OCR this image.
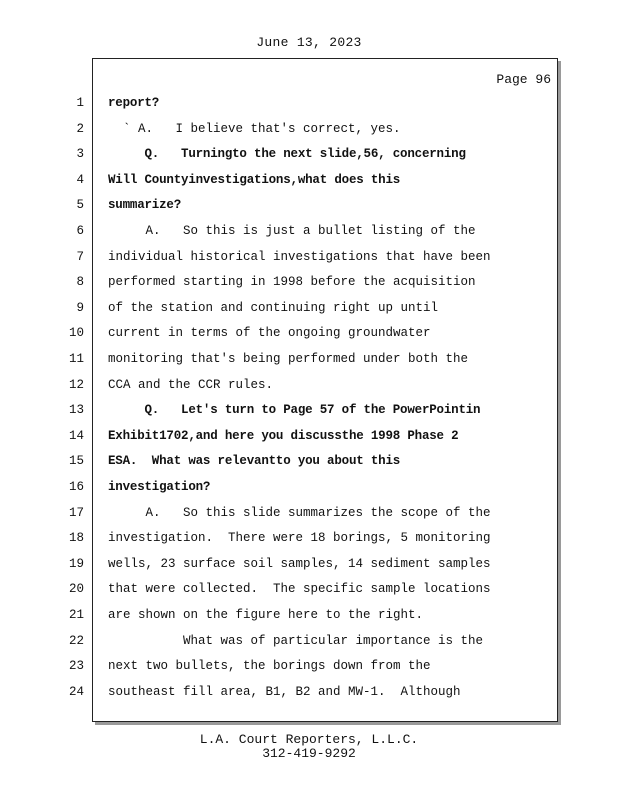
June 13, 2023
Page 96
1 report?
2 ` A.   I believe that's correct, yes.
3 Q.   Turningto the next slide,56, concerning
4 Will Countyinvestigations,what does this
5 summarize?
6 A.   So this is just a bullet listing of the
7 individual historical investigations that have been
8 performed starting in 1998 before the acquisition
9 of the station and continuing right up until
10 current in terms of the ongoing groundwater
11 monitoring that's being performed under both the
12 CCA and the CCR rules.
13 Q.   Let's turn to Page 57 of the PowerPointin
14 Exhibit1702,and here you discussthe 1998 Phase 2
15 ESA.  What was relevantto you about this
16 investigation?
17 A.   So this slide summarizes the scope of the
18 investigation.  There were 18 borings, 5 monitoring
19 wells, 23 surface soil samples, 14 sediment samples
20 that were collected.  The specific sample locations
21 are shown on the figure here to the right.
22 What was of particular importance is the
23 next two bullets, the borings down from the
24 southeast fill area, B1, B2 and MW-1.  Although
L.A. Court Reporters, L.L.C.
312-419-9292
